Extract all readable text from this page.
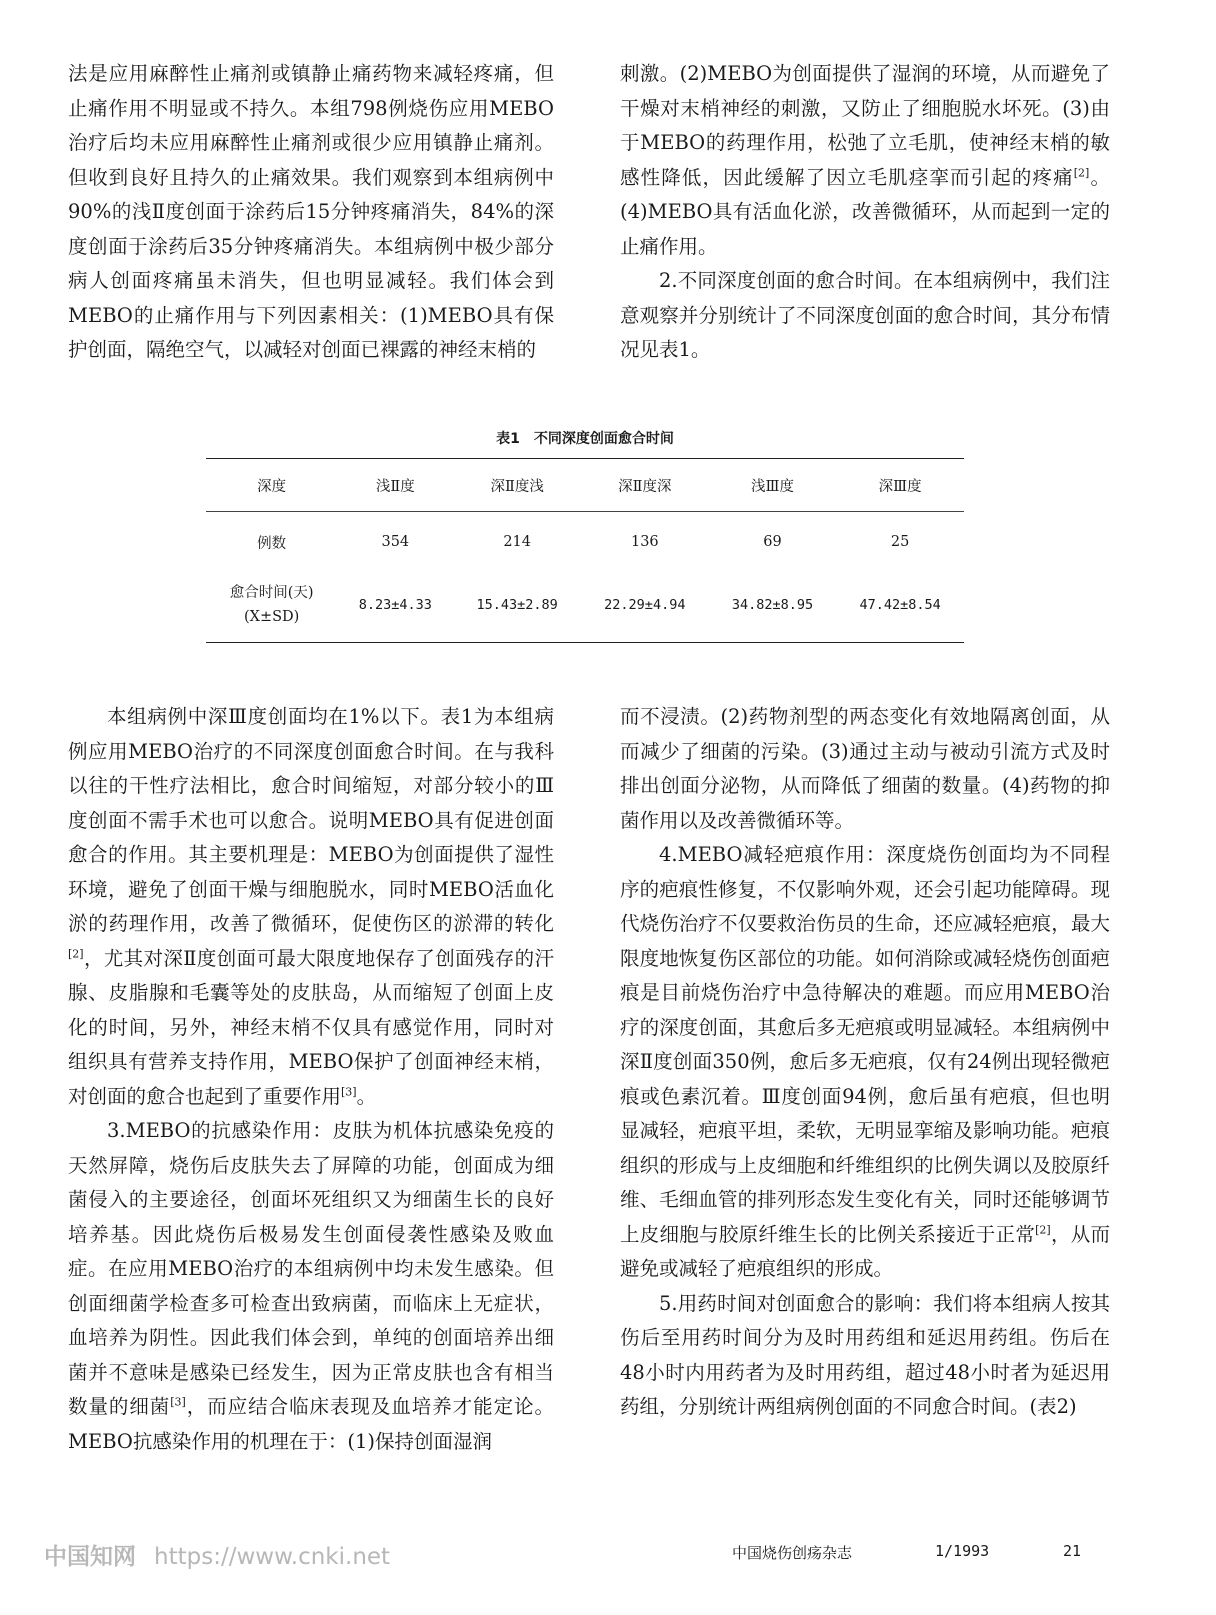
法是应用麻醉性止痛剂或镇静止痛药物来减轻疼痛，但止痛作用不明显或不持久。本组798例烧伤应用MEBO治疗后均未应用麻醉性止痛剂或很少应用镇静止痛剂。但收到良好且持久的止痛效果。我们观察到本组病例中90%的浅Ⅱ度创面于涂药后15分钟疼痛消失，84%的深度创面于涂药后35分钟疼痛消失。本组病例中极少部分病人创面疼痛虽未消失，但也明显减轻。我们体会到MEBO的止痛作用与下列因素相关：(1)MEBO具有保护创面，隔绝空气，以减轻对创面已裸露的神经末梢的

刺激。(2)MEBO为创面提供了湿润的环境，从而避免了干燥对末梢神经的刺激，又防止了细胞脱水坏死。(3)由于MEBO的药理作用，松弛了立毛肌，使神经末梢的敏感性降低，因此缓解了因立毛肌痉挛而引起的疼痛[2]。(4)MEBO具有活血化淤，改善微循环，从而起到一定的止痛作用。

2.不同深度创面的愈合时间。在本组病例中，我们注意观察并分别统计了不同深度创面的愈合时间，其分布情况见表1。

表1 不同深度创面愈合时间
深度	浅Ⅱ度	深Ⅱ度浅	深Ⅱ度深	浅Ⅲ度	深Ⅲ度
例数	354	214	136	69	25
愈合时间(天)
(X±SD)	8.23±4.33	15.43±2.89	22.29±4.94	34.82±8.95	47.42±8.54

本组病例中深Ⅲ度创面均在1%以下。表1为本组病例应用MEBO治疗的不同深度创面愈合时间。在与我科以往的干性疗法相比，愈合时间缩短，对部分较小的Ⅲ度创面不需手术也可以愈合。说明MEBO具有促进创面愈合的作用。其主要机理是：MEBO为创面提供了湿性环境，避免了创面干燥与细胞脱水，同时MEBO活血化淤的药理作用，改善了微循环，促使伤区的淤滞的转化[2]，尤其对深Ⅱ度创面可最大限度地保存了创面残存的汗腺、皮脂腺和毛囊等处的皮肤岛，从而缩短了创面上皮化的时间，另外，神经末梢不仅具有感觉作用，同时对组织具有营养支持作用，MEBO保护了创面神经末梢，对创面的愈合也起到了重要作用[3]。

3.MEBO的抗感染作用：皮肤为机体抗感染免疫的天然屏障，烧伤后皮肤失去了屏障的功能，创面成为细菌侵入的主要途径，创面坏死组织又为细菌生长的良好培养基。因此烧伤后极易发生创面侵袭性感染及败血症。在应用MEBO治疗的本组病例中均未发生感染。但创面细菌学检查多可检查出致病菌，而临床上无症状，血培养为阴性。因此我们体会到，单纯的创面培养出细菌并不意味是感染已经发生，因为正常皮肤也含有相当数量的细菌[3]，而应结合临床表现及血培养才能定论。MEBO抗感染作用的机理在于：(1)保持创面湿润

而不浸渍。(2)药物剂型的两态变化有效地隔离创面，从而减少了细菌的污染。(3)通过主动与被动引流方式及时排出创面分泌物，从而降低了细菌的数量。(4)药物的抑菌作用以及改善微循环等。

4.MEBO减轻疤痕作用：深度烧伤创面均为不同程序的疤痕性修复，不仅影响外观，还会引起功能障碍。现代烧伤治疗不仅要救治伤员的生命，还应减轻疤痕，最大限度地恢复伤区部位的功能。如何消除或减轻烧伤创面疤痕是目前烧伤治疗中急待解决的难题。而应用MEBO治疗的深度创面，其愈后多无疤痕或明显减轻。本组病例中深Ⅱ度创面350例，愈后多无疤痕，仅有24例出现轻微疤痕或色素沉着。Ⅲ度创面94例，愈后虽有疤痕，但也明显减轻，疤痕平坦，柔软，无明显挛缩及影响功能。疤痕组织的形成与上皮细胞和纤维组织的比例失调以及胶原纤维、毛细血管的排列形态发生变化有关，同时还能够调节上皮细胞与胶原纤维生长的比例关系接近于正常[2]，从而避免或减轻了疤痕组织的形成。

5.用药时间对创面愈合的影响：我们将本组病人按其伤后至用药时间分为及时用药组和延迟用药组。伤后在48小时内用药者为及时用药组，超过48小时者为延迟用药组，分别统计两组病例创面的不同愈合时间。(表2)

中国知网 https://www.cnki.net	中国烧伤创疡杂志	1/1993	21
